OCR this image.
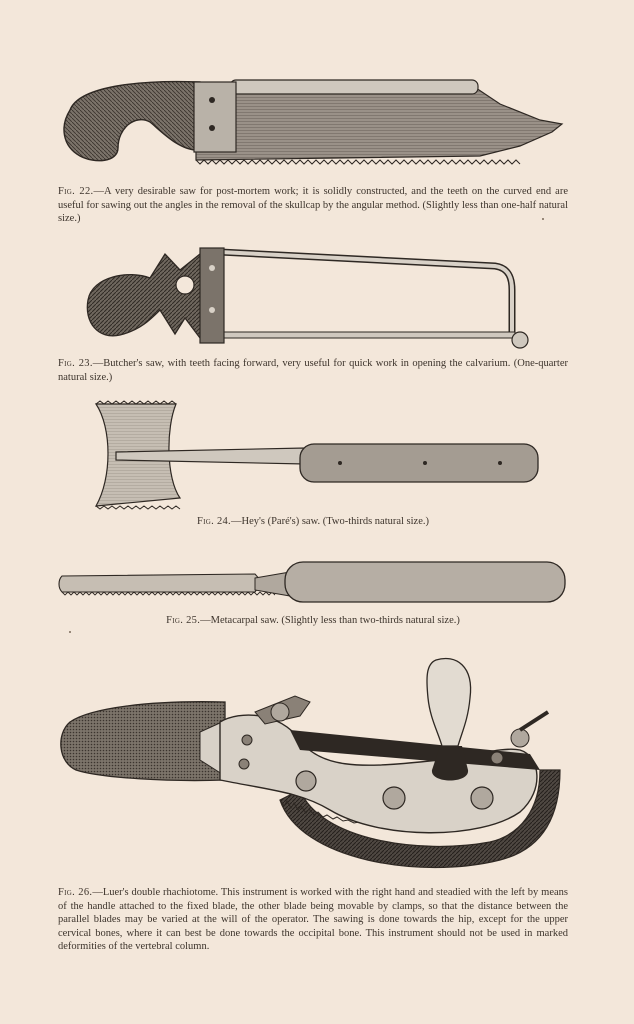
Fig. 22.—A very desirable saw for post-mortem work; it is solidly constructed, and the teeth on the curved end are useful for sawing out the angles in the removal of the skullcap by the angular method. (Slightly less than one-half natural size.)
Fig. 23.—Butcher's saw, with teeth facing forward, very useful for quick work in opening the calvarium. (One-quarter natural size.)
Fig. 24.—Hey's (Paré's) saw. (Two-thirds natural size.)
Fig. 25.—Metacarpal saw. (Slightly less than two-thirds natural size.)
Fig. 26.—Luer's double rhachiotome. This instrument is worked with the right hand and steadied with the left by means of the handle attached to the fixed blade, the other blade being movable by clamps, so that the distance between the parallel blades may be varied at the will of the operator. The sawing is done towards the hip, except for the upper cervical bones, where it can best be done towards the occipital bone. This instrument should not be used in marked deformities of the vertebral column.
